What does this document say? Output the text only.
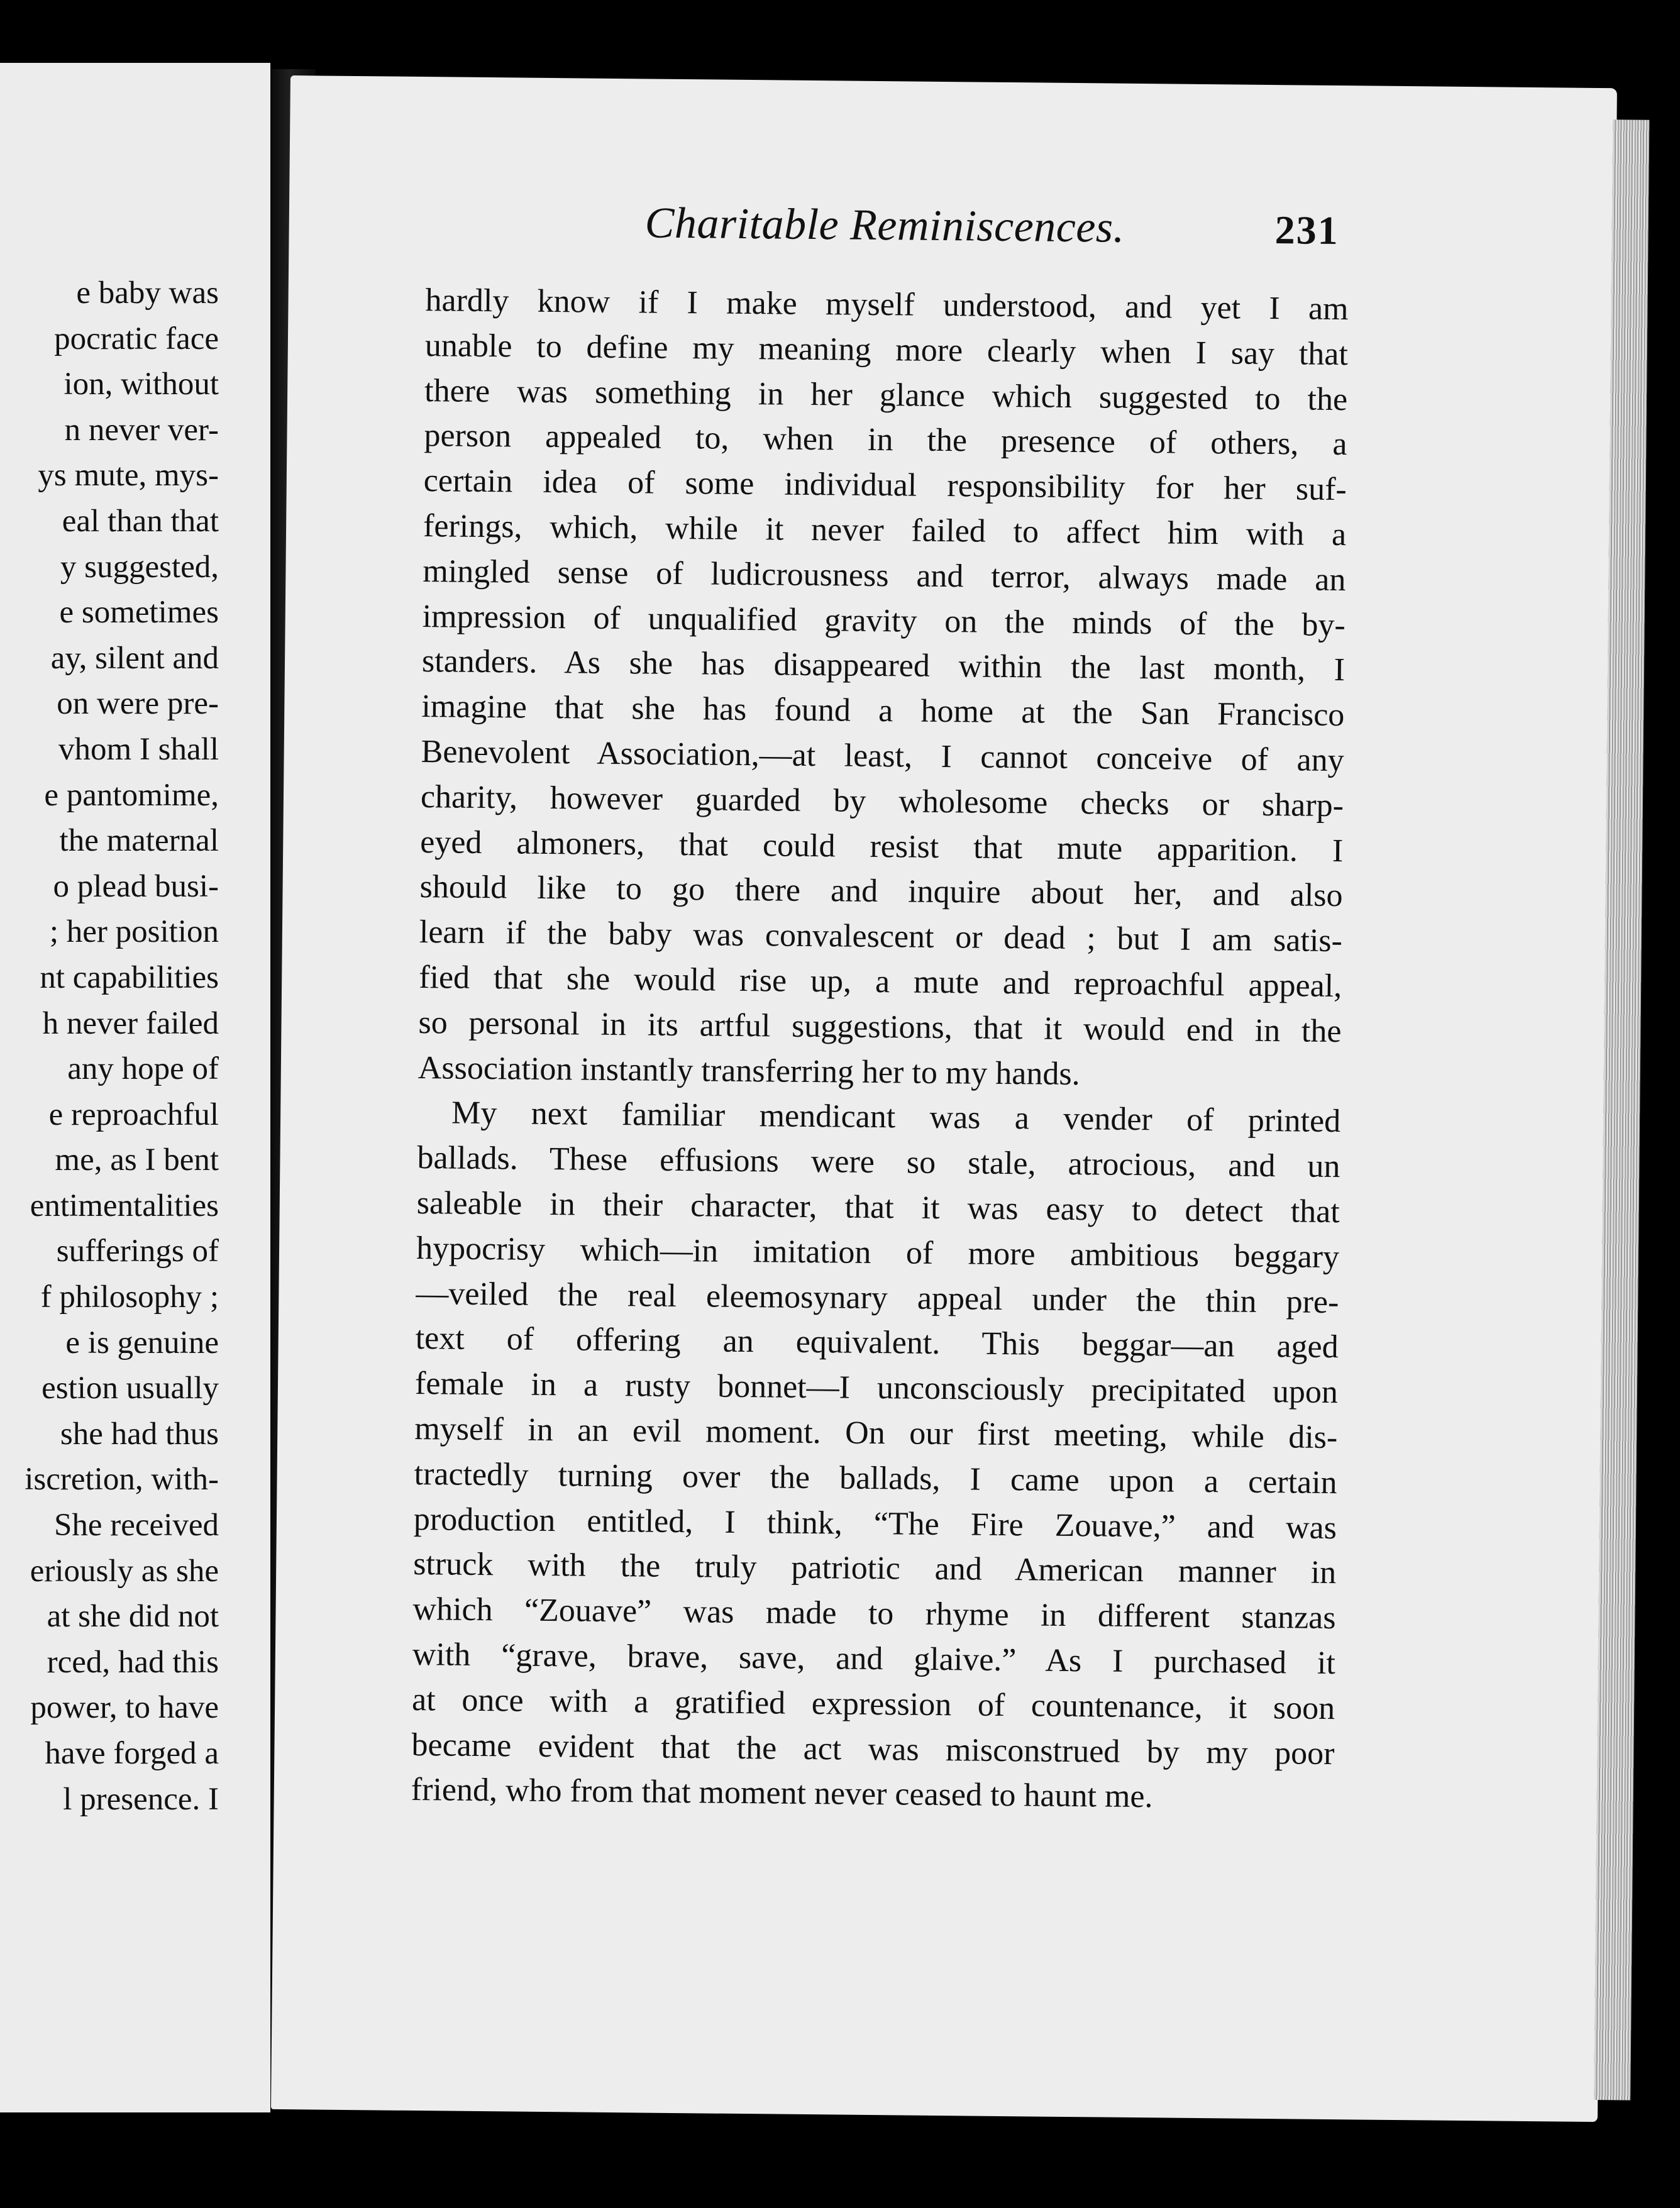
e baby was
pocratic face
ion, without
n never ver-
ys mute, mys-
eal than that
y suggested,
e sometimes
ay, silent and
on were pre-
vhom I shall
e pantomime,
the maternal
o plead busi-
; her position
nt capabilities
h never failed
any hope of
e reproachful
me, as I bent
entimentalities
sufferings of
f philosophy ;
e is genuine
estion usually
she had thus
iscretion, with-
She received
eriously as she
at she did not
rced, had this
power, to have
have forged a
l presence. I
Charitable Reminiscences.	231
hardly know if I make myself understood, and yet I am
unable to define my meaning more clearly when I say that
there was something in her glance which suggested to the
person appealed to, when in the presence of others, a
certain idea of some individual responsibility for her suf-
ferings, which, while it never failed to affect him with a
mingled sense of ludicrousness and terror, always made an
impression of unqualified gravity on the minds of the by-
standers. As she has disappeared within the last month, I
imagine that she has found a home at the San Francisco
Benevolent Association,—at least, I cannot conceive of any
charity, however guarded by wholesome checks or sharp-
eyed almoners, that could resist that mute apparition. I
should like to go there and inquire about her, and also
learn if the baby was convalescent or dead ; but I am satis-
fied that she would rise up, a mute and reproachful appeal,
so personal in its artful suggestions, that it would end in the
Association instantly transferring her to my hands.
My next familiar mendicant was a vender of printed
ballads. These effusions were so stale, atrocious, and un
saleable in their character, that it was easy to detect that
hypocrisy which—in imitation of more ambitious beggary
—veiled the real eleemosynary appeal under the thin pre-
text of offering an equivalent. This beggar—an aged
female in a rusty bonnet—I unconsciously precipitated upon
myself in an evil moment. On our first meeting, while dis-
tractedly turning over the ballads, I came upon a certain
production entitled, I think, “The Fire Zouave,” and was
struck with the truly patriotic and American manner in
which “Zouave” was made to rhyme in different stanzas
with “grave, brave, save, and glaive.” As I purchased it
at once with a gratified expression of countenance, it soon
became evident that the act was misconstrued by my poor
friend, who from that moment never ceased to haunt me.
